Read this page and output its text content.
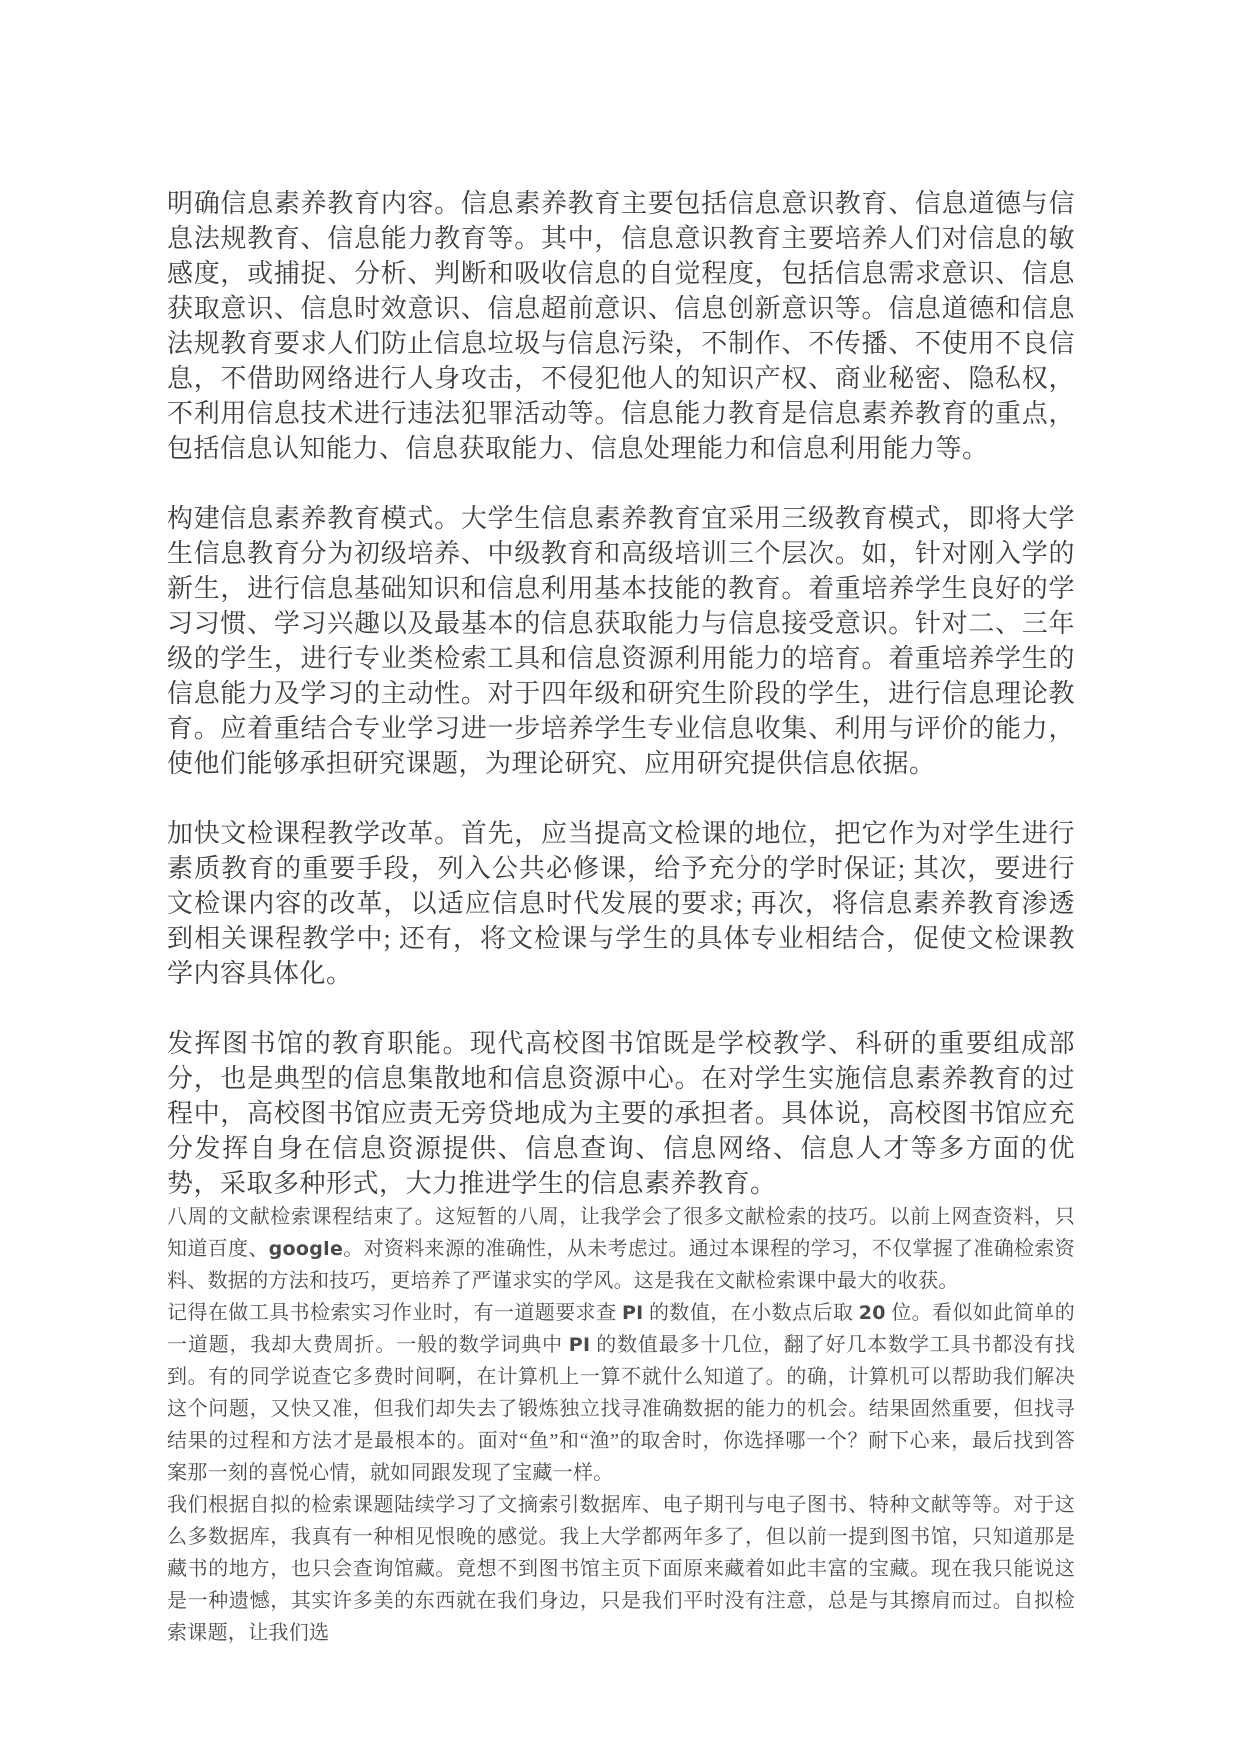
明确信息素养教育内容。信息素养教育主要包括信息意识教育、信息道德与信息法规教育、信息能力教育等。其中，信息意识教育主要培养人们对信息的敏感度，或捕捉、分析、判断和吸收信息的自觉程度，包括信息需求意识、信息获取意识、信息时效意识、信息超前意识、信息创新意识等。信息道德和信息法规教育要求人们防止信息垃圾与信息污染，不制作、不传播、不使用不良信息，不借助网络进行人身攻击，不侵犯他人的知识产权、商业秘密、隐私权，不利用信息技术进行违法犯罪活动等。信息能力教育是信息素养教育的重点，包括信息认知能力、信息获取能力、信息处理能力和信息利用能力等。

构建信息素养教育模式。大学生信息素养教育宜采用三级教育模式，即将大学生信息教育分为初级培养、中级教育和高级培训三个层次。如，针对刚入学的新生，进行信息基础知识和信息利用基本技能的教育。着重培养学生良好的学习习惯、学习兴趣以及最基本的信息获取能力与信息接受意识。针对二、三年级的学生，进行专业类检索工具和信息资源利用能力的培育。着重培养学生的信息能力及学习的主动性。对于四年级和研究生阶段的学生，进行信息理论教育。应着重结合专业学习进一步培养学生专业信息收集、利用与评价的能力，使他们能够承担研究课题，为理论研究、应用研究提供信息依据。

加快文检课程教学改革。首先，应当提高文检课的地位，把它作为对学生进行素质教育的重要手段，列入公共必修课，给予充分的学时保证; 其次，要进行文检课内容的改革，以适应信息时代发展的要求; 再次，将信息素养教育渗透到相关课程教学中; 还有，将文检课与学生的具体专业相结合，促使文检课教学内容具体化。

发挥图书馆的教育职能。现代高校图书馆既是学校教学、科研的重要组成部分，也是典型的信息集散地和信息资源中心。在对学生实施信息素养教育的过程中，高校图书馆应责无旁贷地成为主要的承担者。具体说，高校图书馆应充分发挥自身在信息资源提供、信息查询、信息网络、信息人才等多方面的优势，采取多种形式，大力推进学生的信息素养教育。

八周的文献检索课程结束了。这短暂的八周，让我学会了很多文献检索的技巧。以前上网查资料，只知道百度、google。对资料来源的准确性，从未考虑过。通过本课程的学习，不仅掌握了准确检索资料、数据的方法和技巧，更培养了严谨求实的学风。这是我在文献检索课中最大的收获。

记得在做工具书检索实习作业时，有一道题要求查 PI 的数值，在小数点后取 20 位。看似如此简单的一道题，我却大费周折。一般的数学词典中 PI 的数值最多十几位，翻了好几本数学工具书都没有找到。有的同学说查它多费时间啊，在计算机上一算不就什么知道了。的确，计算机可以帮助我们解决这个问题，又快又准，但我们却失去了锻炼独立找寻准确数据的能力的机会。结果固然重要，但找寻结果的过程和方法才是最根本的。面对“鱼”和“渔”的取舍时，你选择哪一个？耐下心来，最后找到答案那一刻的喜悦心情，就如同跟发现了宝藏一样。

我们根据自拟的检索课题陆续学习了文摘索引数据库、电子期刊与电子图书、特种文献等等。对于这么多数据库，我真有一种相见恨晚的感觉。我上大学都两年多了，但以前一提到图书馆，只知道那是藏书的地方，也只会查询馆藏。竟想不到图书馆主页下面原来藏着如此丰富的宝藏。现在我只能说这是一种遗憾，其实许多美的东西就在我们身边，只是我们平时没有注意，总是与其擦肩而过。自拟检索课题，让我们选
